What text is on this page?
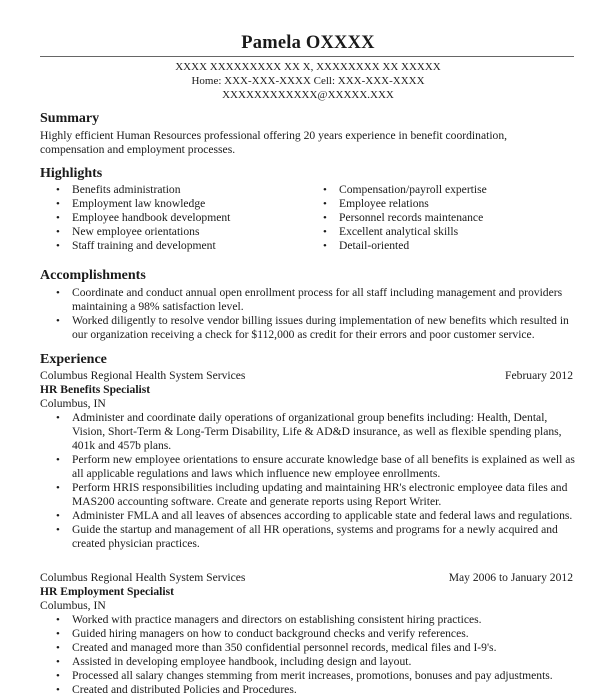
Pamela OXXXX
XXXX XXXXXXXXX XX X, XXXXXXXX XX XXXXX
Home: XXX-XXX-XXXX Cell: XXX-XXX-XXXX
XXXXXXXXXXXX@XXXXX.XXX
Summary

Highly efficient Human Resources professional offering 20 years experience in benefit coordination,

compensation and employment processes.

Highlights
• Benefits administration
• Employment law knowledge
• Employee handbook development
• New employee orientations
• Staff training and development
• Compensation/payroll expertise
• Employee relations
• Personnel records maintenance
• Excellent analytical skills
• Detail-oriented
Accomplishments
• Coordinate and conduct annual open enrollment process for all staff including management and providers maintaining a 98% satisfaction level.
• Worked diligently to resolve vendor billing issues during implementation of new benefits which resulted in our organization receiving a check for $112,000 as credit for their errors and poor customer service.
Experience
Columbus Regional Health System Services	February 2012
HR Benefits Specialist
Columbus, IN
• Administer and coordinate daily operations of organizational group benefits including: Health, Dental, Vision, Short-Term & Long-Term Disability, Life & AD&D insurance, as well as flexible spending plans, 401k and 457b plans.
• Perform new employee orientations to ensure accurate knowledge base of all benefits is explained as well as all applicable regulations and laws which influence new employee enrollments.
• Perform HRIS responsibilities including updating and maintaining HR's electronic employee data files and MAS200 accounting software. Create and generate reports using Report Writer.
• Administer FMLA and all leaves of absences according to applicable state and federal laws and regulations.
• Guide the startup and management of all HR operations, systems and programs for a newly acquired and created physician practices.
Columbus Regional Health System Services	May 2006 to January 2012
HR Employment Specialist
Columbus, IN
• Worked with practice managers and directors on establishing consistent hiring practices.
• Guided hiring managers on how to conduct background checks and verify references.
• Created and managed more than 350 confidential personnel records, medical files and I-9's.
• Assisted in developing employee handbook, including design and layout.
• Processed all salary changes stemming from merit increases, promotions, bonuses and pay adjustments.
• Created and distributed Policies and Procedures.
